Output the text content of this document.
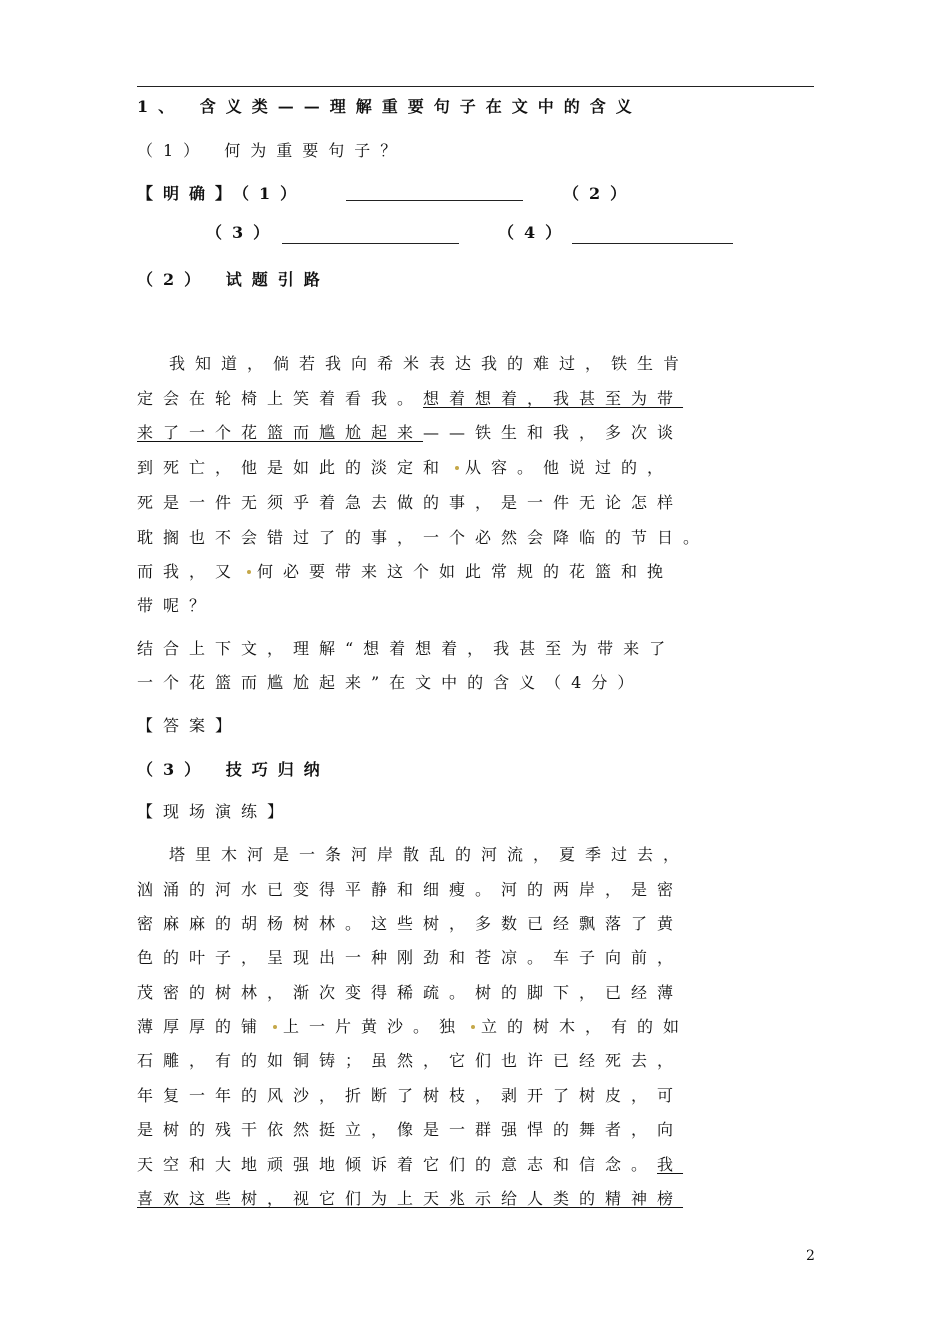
1、 含义类——理解重要句子在文中的含义
（1） 何为重要句子？
【明确】（1）	（2）
（3）	（4）
（2） 试题引路
我知道，倘若我向希米表达我的难过，铁生肯
定会在轮椅上笑着看我。想着想着，我甚至为带
来了一个花篮而尴尬起来——铁生和我，多次谈
到死亡，他是如此的淡定和 从容。他说过的，
死是一件无须乎着急去做的事，是一件无论怎样
耽搁也不会错过了的事，一个必然会降临的节日。
而我，又 何必要带来这个如此常规的花篮和挽
带呢？
结合上下文，理解“想着想着，我甚至为带来了
一个花篮而尴尬起来”在文中的含义（4分）
【答案】
（3） 技巧归纳
【现场演练】
塔里木河是一条河岸散乱的河流，夏季过去，
汹涌的河水已变得平静和细瘦。河的两岸，是密
密麻麻的胡杨树林。这些树，多数已经飘落了黄
色的叶子，呈现出一种刚劲和苍凉。车子向前，
茂密的树林，渐次变得稀疏。树的脚下，已经薄
薄厚厚的铺 上一片黄沙。独 立的树木，有的如
石雕，有的如铜铸；虽然，它们也许已经死去，
年复一年的风沙，折断了树枝，剥开了树皮，可
是树的残干依然挺立，像是一群强悍的舞者，向
天空和大地顽强地倾诉着它们的意志和信念。我
喜欢这些树，视它们为上天兆示给人类的精神榜
2
